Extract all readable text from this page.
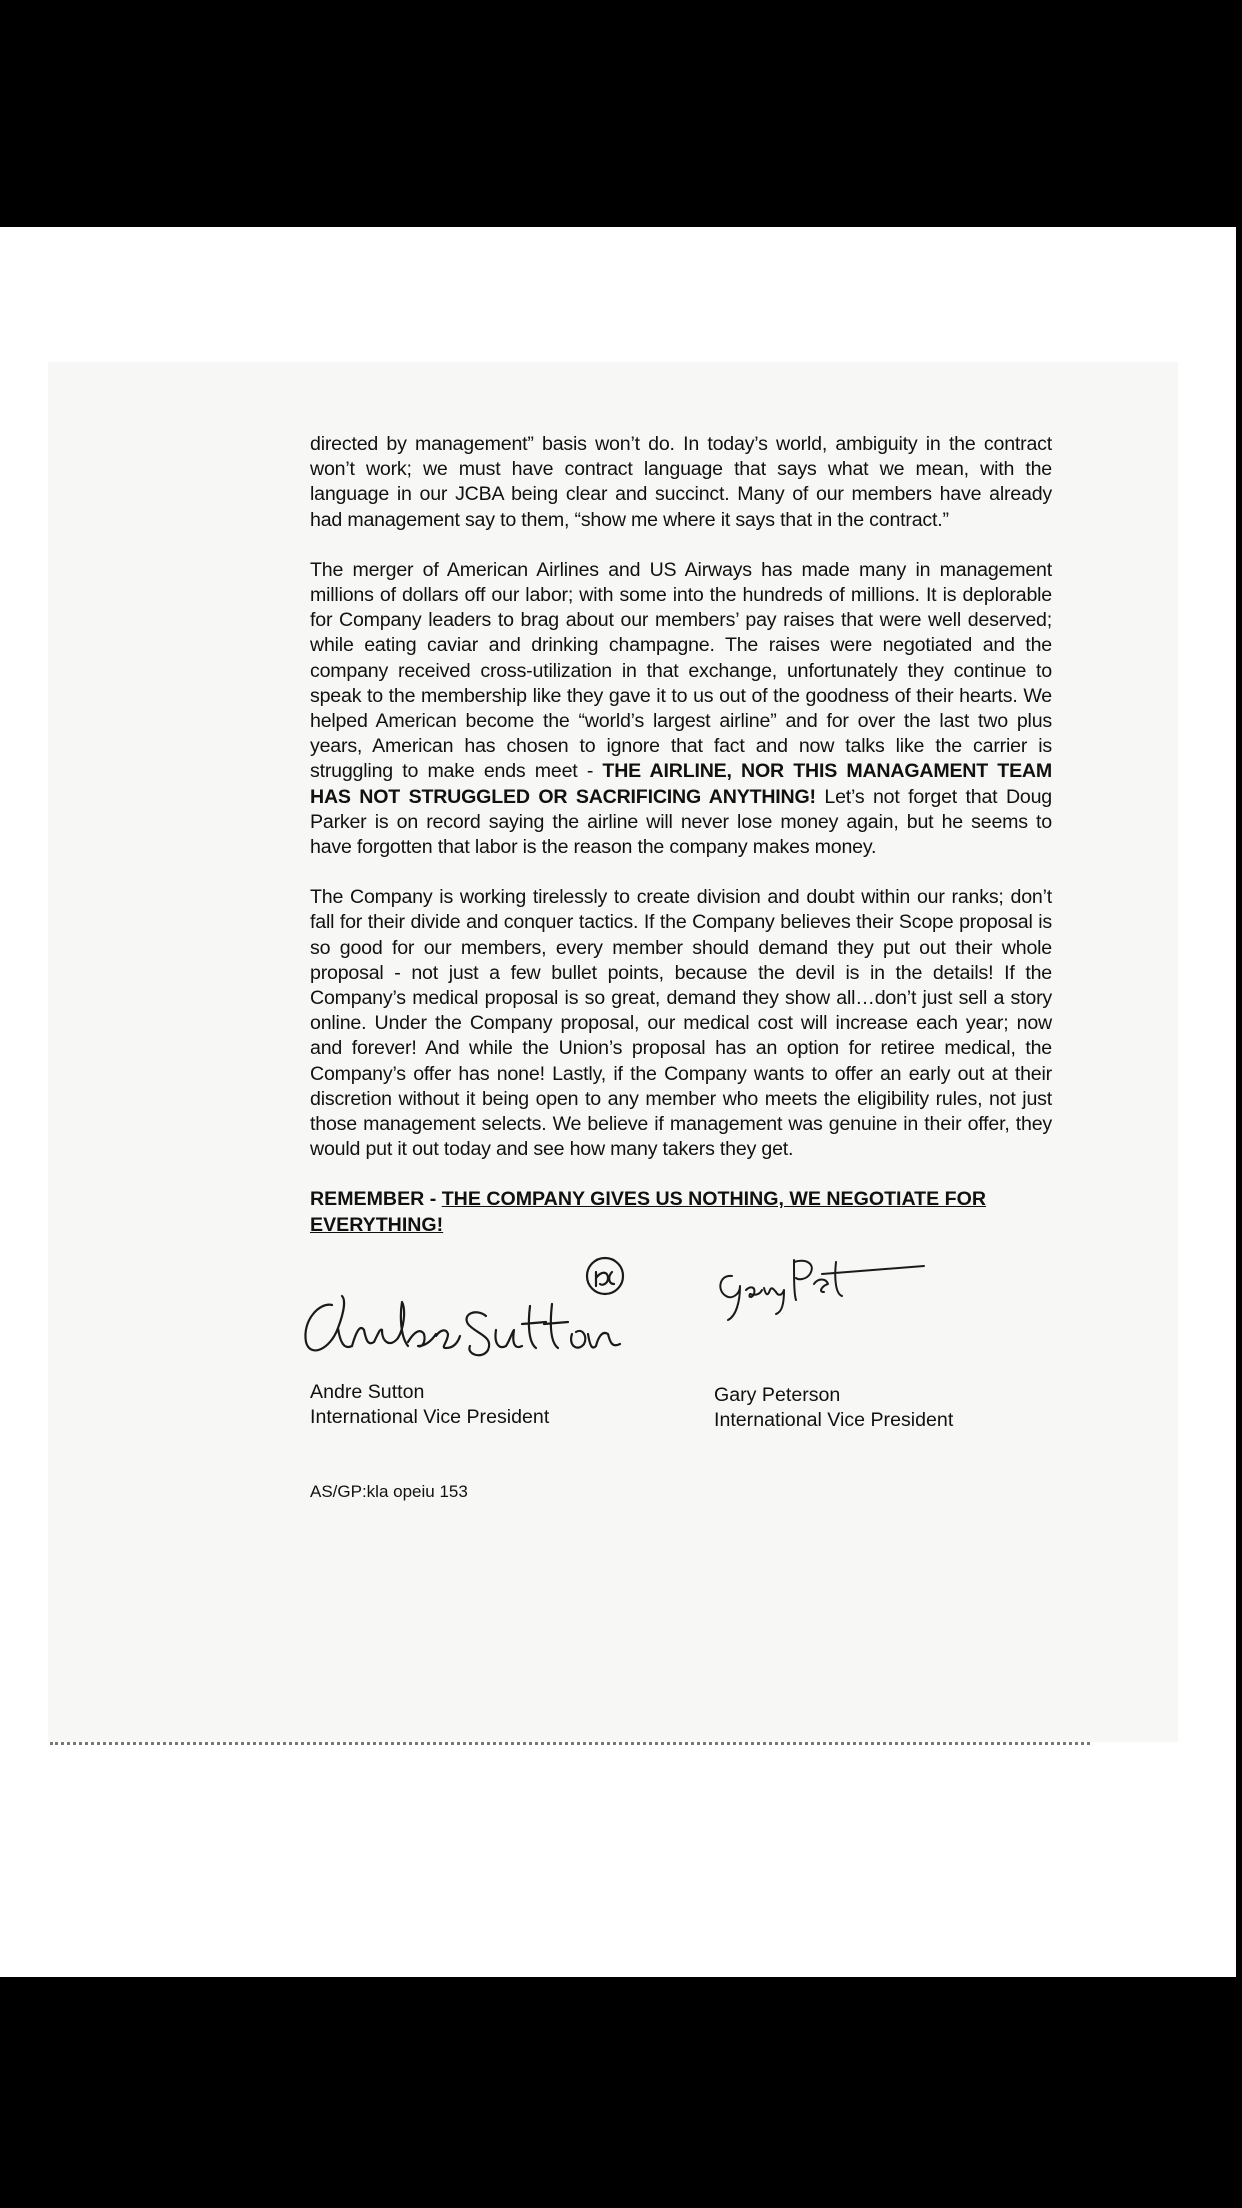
directed by management” basis won’t do. In today’s world, ambiguity in the contract won’t work; we must have contract language that says what we mean, with the language in our JCBA being clear and succinct. Many of our members have already had management say to them, “show me where it says that in the contract.”

The merger of American Airlines and US Airways has made many in management millions of dollars off our labor; with some into the hundreds of millions. It is deplorable for Company leaders to brag about our members’ pay raises that were well deserved; while eating caviar and drinking champagne. The raises were negotiated and the company received cross-utilization in that exchange, unfortunately they continue to speak to the membership like they gave it to us out of the goodness of their hearts. We helped American become the “world’s largest airline” and for over the last two plus years, American has chosen to ignore that fact and now talks like the carrier is struggling to make ends meet - THE AIRLINE, NOR THIS MANAGAMENT TEAM HAS NOT STRUGGLED OR SACRIFICING ANYTHING! Let’s not forget that Doug Parker is on record saying the airline will never lose money again, but he seems to have forgotten that labor is the reason the company makes money.

The Company is working tirelessly to create division and doubt within our ranks; don’t fall for their divide and conquer tactics. If the Company believes their Scope proposal is so good for our members, every member should demand they put out their whole proposal - not just a few bullet points, because the devil is in the details! If the Company’s medical proposal is so great, demand they show all…don’t just sell a story online. Under the Company proposal, our medical cost will increase each year; now and forever! And while the Union’s proposal has an option for retiree medical, the Company’s offer has none! Lastly, if the Company wants to offer an early out at their discretion without it being open to any member who meets the eligibility rules, not just those management selects. We believe if management was genuine in their offer, they would put it out today and see how many takers they get.

REMEMBER - THE COMPANY GIVES US NOTHING, WE NEGOTIATE FOR EVERYTHING!
Andre Sutton
International Vice President
Gary Peterson
International Vice President
AS/GP:kla opeiu 153
